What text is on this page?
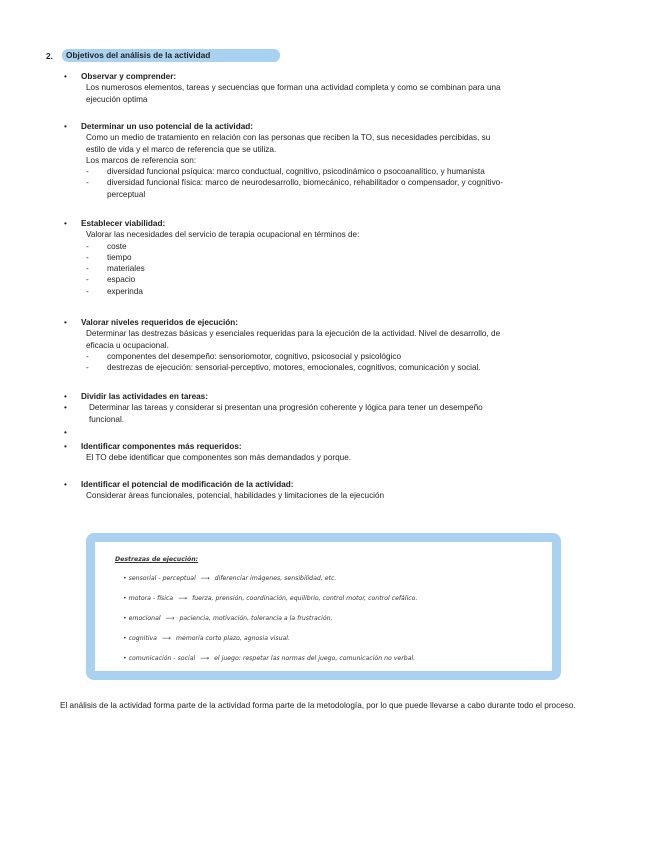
2.	Objetivos del análisis de la actividad
• Observar y comprender:
Los numerosos elementos, tareas y secuencias que forman una actividad completa y como se combinan para una
ejecución optima
• Determinar un uso potencial de la actividad:
Como un medio de tratamiento en relación con las personas que reciben la TO, sus necesidades percibidas, su
estilo de vida y el marco de referencia que se utiliza.
Los marcos de referencia son:
- diversidad funcional psíquica: marco conductual, cognitivo, psicodinámico o psocoanalítico, y humanista
- diversidad funcional física: marco de neurodesarrollo, biomecánico, rehabilitador o compensador, y cognitivo-
perceptual
• Establecer viabilidad:
Valorar las necesidades del servicio de terapia ocupacional en términos de:
- coste
- tiempo
- materiales
- espacio
- experinda
• Valorar niveles requeridos de ejecución:
Determinar las destrezas básicas y esenciales requeridas para la ejecución de la actividad. Nivel de desarrollo, de
eficacia u ocupacional.
- componentes del desempeño: sensoriomotor, cognitivo, psicosocial y psicológico
- destrezas de ejecución: sensorial-perceptivo, motores, emocionales, cognitivos, comunicación y social.
• Dividir las actividades en tareas:
•	Determinar las tareas y considerar si presentan una progresión coherente y lógica para tener un desempeño
funcional.
•
• Identificar componentes más requeridos:
El TO debe identificar que componentes son más demandados y porque.
• Identificar el potencial de modificación de la actividad:
Considerar áreas funcionales, potencial, habilidades y limitaciones de la ejecución
Destrezas de ejecución:
• sensorial - perceptual ⟶ diferenciar imágenes, sensibilidad, etc.
• motora - física ⟶ fuerza, prensión, coordinación, equilibrio, control motor, control cefálico.
• emocional ⟶ paciencia, motivación, tolerancia a la frustración.
• cognitiva ⟶ memoria corto plazo, agnosia visual.
• comunicación - social ⟶ el juego: respetar las normas del juego, comunicación no verbal.
El análisis de la actividad forma parte de la actividad forma parte de la metodología, por lo que puede llevarse a cabo durante todo el proceso.
